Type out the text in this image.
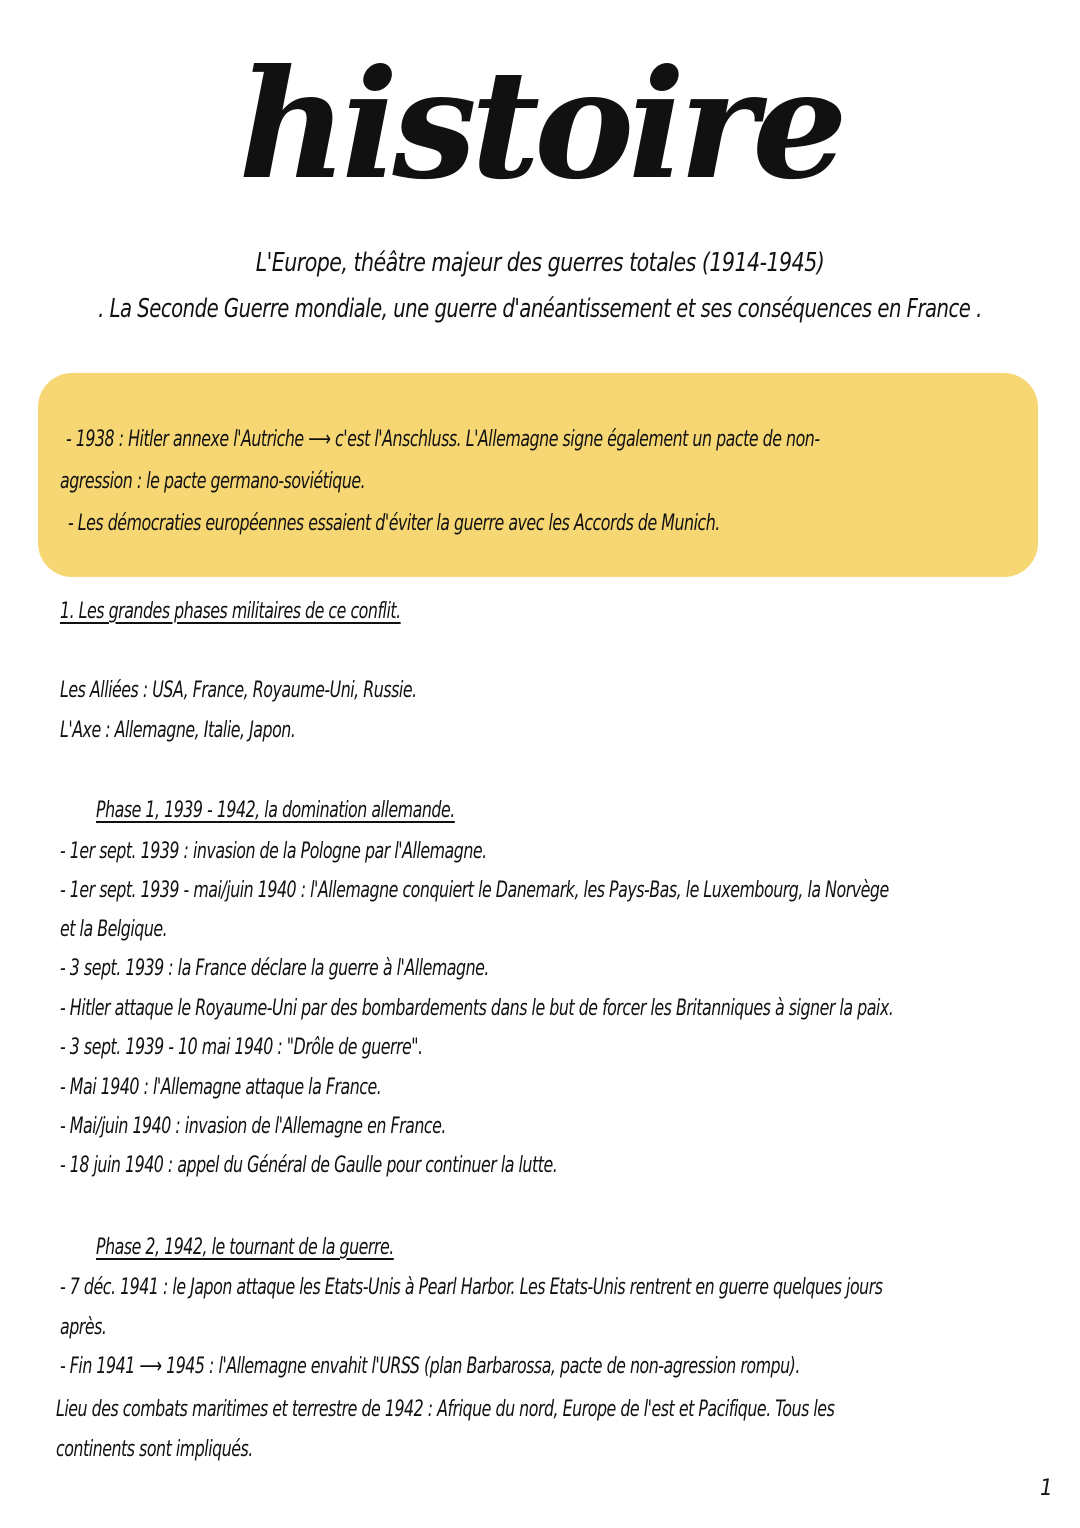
histoire
L'Europe, théâtre majeur des guerres totales (1914-1945)
. La Seconde Guerre mondiale, une guerre d'anéantissement et ses conséquences en France .
- 1938 : Hitler annexe l'Autriche ⟶ c'est l'Anschluss. L'Allemagne signe également un pacte de non-
agression : le pacte germano-soviétique.
- Les démocraties européennes essaient d'éviter la guerre avec les Accords de Munich.
1. Les grandes phases militaires de ce conflit.
Les Alliées : USA, France, Royaume-Uni, Russie.
L'Axe : Allemagne, Italie, Japon.
Phase 1, 1939 - 1942, la domination allemande.
- 1er sept. 1939 : invasion de la Pologne par l'Allemagne.
- 1er sept. 1939 - mai/juin 1940 : l'Allemagne conquiert le Danemark, les Pays-Bas, le Luxembourg, la Norvège
et la Belgique.
- 3 sept. 1939 : la France déclare la guerre à l'Allemagne.
- Hitler attaque le Royaume-Uni par des bombardements dans le but de forcer les Britanniques à signer la paix.
- 3 sept. 1939 - 10 mai 1940 : "Drôle de guerre".
- Mai 1940 : l'Allemagne attaque la France.
- Mai/juin 1940 : invasion de l'Allemagne en France.
- 18 juin 1940 : appel du Général de Gaulle pour continuer la lutte.
Phase 2, 1942, le tournant de la guerre.
- 7 déc. 1941 : le Japon attaque les Etats-Unis à Pearl Harbor. Les Etats-Unis rentrent en guerre quelques jours
après.
- Fin 1941 ⟶ 1945 : l'Allemagne envahit l'URSS (plan Barbarossa, pacte de non-agression rompu).
Lieu des combats maritimes et terrestre de 1942 : Afrique du nord, Europe de l'est et Pacifique. Tous les
continents sont impliqués.
1
